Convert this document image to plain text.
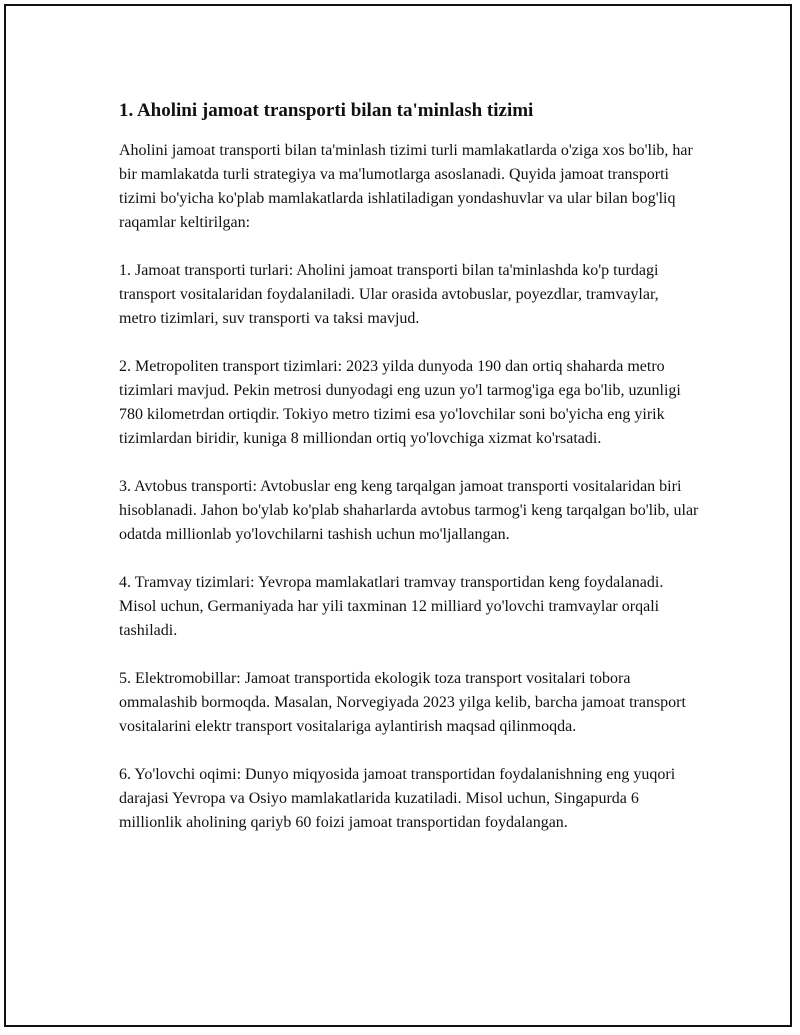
1. Aholini jamoat transporti bilan ta'minlash tizimi

Aholini jamoat transporti bilan ta'minlash tizimi turli mamlakatlarda o'ziga xos bo'lib, har bir mamlakatda turli strategiya va ma'lumotlarga asoslanadi. Quyida jamoat transporti tizimi bo'yicha ko'plab mamlakatlarda ishlatiladigan yondashuvlar va ular bilan bog'liq raqamlar keltirilgan:

1. Jamoat transporti turlari: Aholini jamoat transporti bilan ta'minlashda ko'p turdagi transport vositalaridan foydalaniladi. Ular orasida avtobuslar, poyezdlar, tramvaylar, metro tizimlari, suv transporti va taksi mavjud.

2. Metropoliten transport tizimlari: 2023 yilda dunyoda 190 dan ortiq shaharda metro tizimlari mavjud. Pekin metrosi dunyodagi eng uzun yo'l tarmog'iga ega bo'lib, uzunligi 780 kilometrdan ortiqdir. Tokiyo metro tizimi esa yo'lovchilar soni bo'yicha eng yirik tizimlardan biridir, kuniga 8 milliondan ortiq yo'lovchiga xizmat ko'rsatadi.

3. Avtobus transporti: Avtobuslar eng keng tarqalgan jamoat transporti vositalaridan biri hisoblanadi. Jahon bo'ylab ko'plab shaharlarda avtobus tarmog'i keng tarqalgan bo'lib, ular odatda millionlab yo'lovchilarni tashish uchun mo'ljallangan.

4. Tramvay tizimlari: Yevropa mamlakatlari tramvay transportidan keng foydalanadi. Misol uchun, Germaniyada har yili taxminan 12 milliard yo'lovchi tramvaylar orqali tashiladi.

5. Elektromobillar: Jamoat transportida ekologik toza transport vositalari tobora ommalashib bormoqda. Masalan, Norvegiyada 2023 yilga kelib, barcha jamoat transport vositalarini elektr transport vositalariga aylantirish maqsad qilinmoqda.

6. Yo'lovchi oqimi: Dunyo miqyosida jamoat transportidan foydalanishning eng yuqori darajasi Yevropa va Osiyo mamlakatlarida kuzatiladi. Misol uchun, Singapurda 6 millionlik aholining qariyb 60 foizi jamoat transportidan foydalangan.
